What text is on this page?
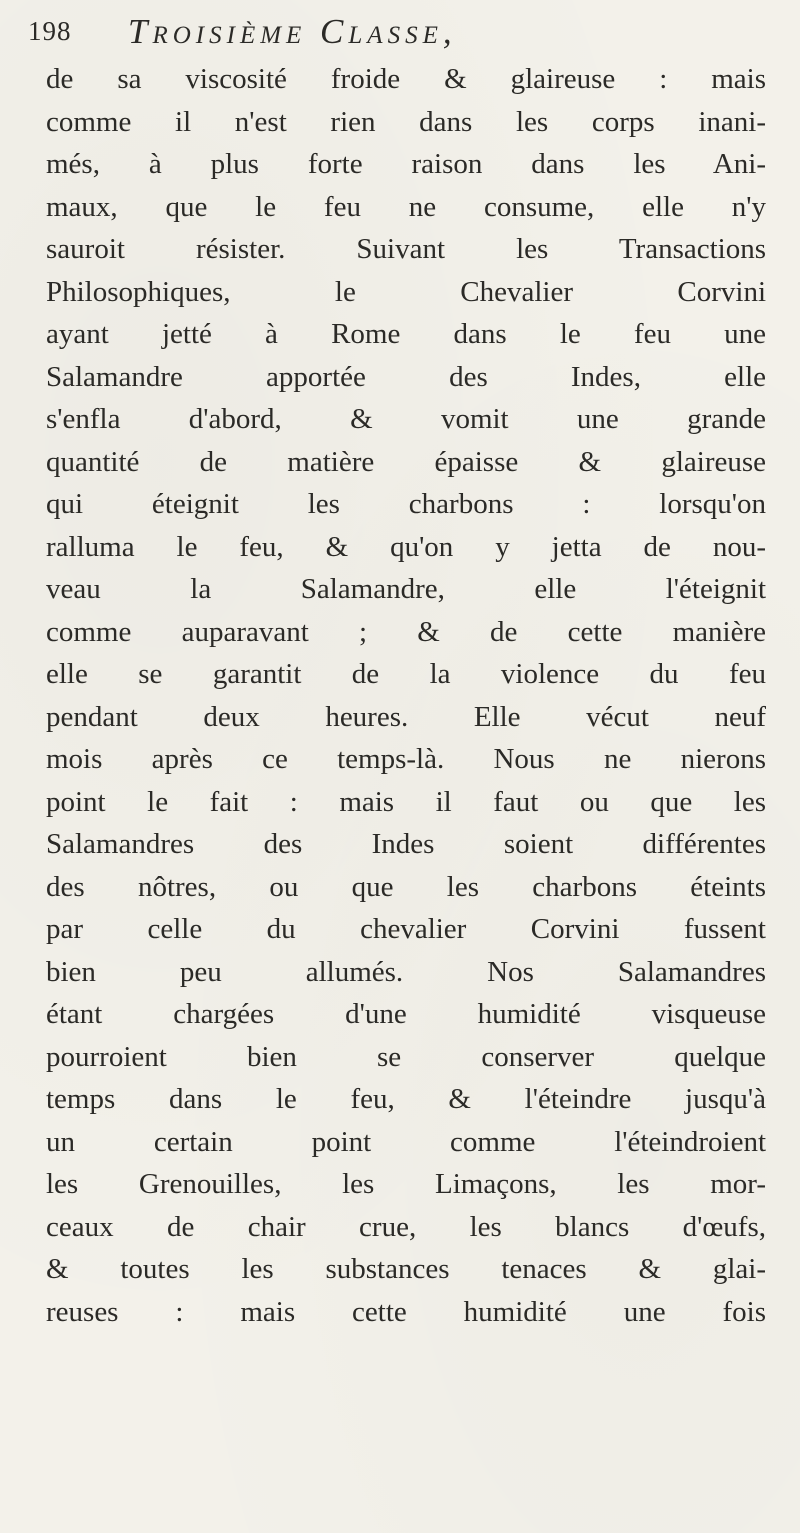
198 Troisième Classe,
de sa viscosité froide & glaireuse : mais
comme il n'est rien dans les corps inani-
més, à plus forte raison dans les Ani-
maux, que le feu ne consume, elle n'y
sauroit résister. Suivant les Transactions
Philosophiques, le Chevalier Corvini
ayant jetté à Rome dans le feu une
Salamandre apportée des Indes, elle
s'enfla d'abord, & vomit une grande
quantité de matière épaisse & glaireuse
qui éteignit les charbons : lorsqu'on
ralluma le feu, & qu'on y jetta de nou-
veau la Salamandre, elle l'éteignit
comme auparavant ; & de cette manière
elle se garantit de la violence du feu
pendant deux heures. Elle vécut neuf
mois après ce temps-là. Nous ne nierons
point le fait : mais il faut ou que les
Salamandres des Indes soient différentes
des nôtres, ou que les charbons éteints
par celle du chevalier Corvini fussent
bien peu allumés. Nos Salamandres
étant chargées d'une humidité visqueuse
pourroient bien se conserver quelque
temps dans le feu, & l'éteindre jusqu'à
un certain point comme l'éteindroient
les Grenouilles, les Limaçons, les mor-
ceaux de chair crue, les blancs d'œufs,
& toutes les substances tenaces & glai-
reuses : mais cette humidité une fois
